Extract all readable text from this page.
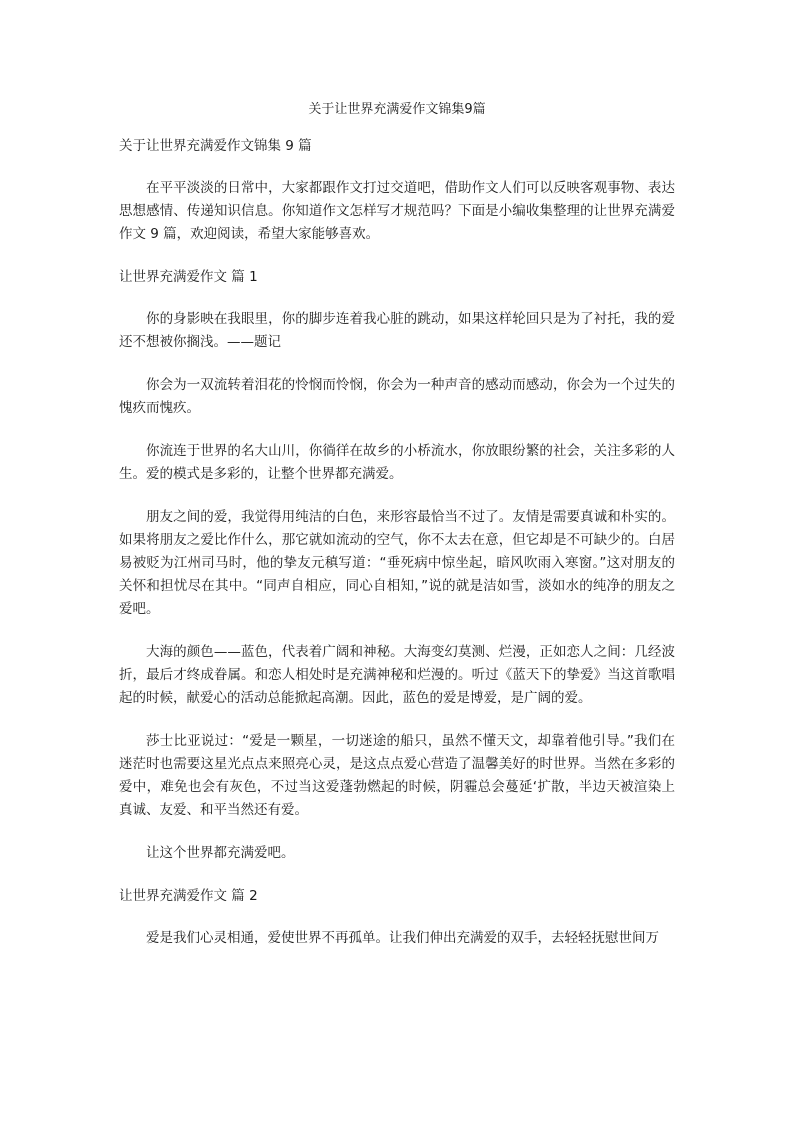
关于让世界充满爱作文锦集9篇

关于让世界充满爱作文锦集 9 篇

在平平淡淡的日常中，大家都跟作文打过交道吧，借助作文人们可以反映客观事物、表达思想感情、传递知识信息。你知道作文怎样写才规范吗？下面是小编收集整理的让世界充满爱作文 9 篇，欢迎阅读，希望大家能够喜欢。

让世界充满爱作文 篇 1

你的身影映在我眼里，你的脚步连着我心脏的跳动，如果这样轮回只是为了衬托，我的爱还不想被你搁浅。——题记

你会为一双流转着泪花的怜悯而怜悯，你会为一种声音的感动而感动，你会为一个过失的愧疚而愧疚。

你流连于世界的名大山川，你徜徉在故乡的小桥流水，你放眼纷繁的社会，关注多彩的人生。爱的模式是多彩的，让整个世界都充满爱。

朋友之间的爱，我觉得用纯洁的白色，来形容最恰当不过了。友情是需要真诚和朴实的。如果将朋友之爱比作什么，那它就如流动的空气，你不太去在意，但它却是不可缺少的。白居易被贬为江州司马时，他的挚友元稹写道：“垂死病中惊坐起，暗风吹雨入寒窗。”这对朋友的关怀和担忧尽在其中。“同声自相应，同心自相知，”说的就是洁如雪，淡如水的纯净的朋友之爱吧。

大海的颜色——蓝色，代表着广阔和神秘。大海变幻莫测、烂漫，正如恋人之间：几经波折，最后才终成眷属。和恋人相处时是充满神秘和烂漫的。听过《蓝天下的挚爱》当这首歌唱起的时候，献爱心的活动总能掀起高潮。因此，蓝色的爱是博爱，是广阔的爱。

莎士比亚说过：“爱是一颗星，一切迷途的船只，虽然不懂天文，却靠着他引导。”我们在迷茫时也需要这星光点点来照亮心灵，是这点点爱心营造了温馨美好的时世界。当然在多彩的爱中，难免也会有灰色，不过当这爱蓬勃燃起的时候，阴霾总会蔓延‘扩散，半边天被渲染上真诚、友爱、和平当然还有爱。

让这个世界都充满爱吧。

让世界充满爱作文 篇 2

爱是我们心灵相通，爱使世界不再孤单。让我们伸出充满爱的双手，去轻轻抚慰世间万
